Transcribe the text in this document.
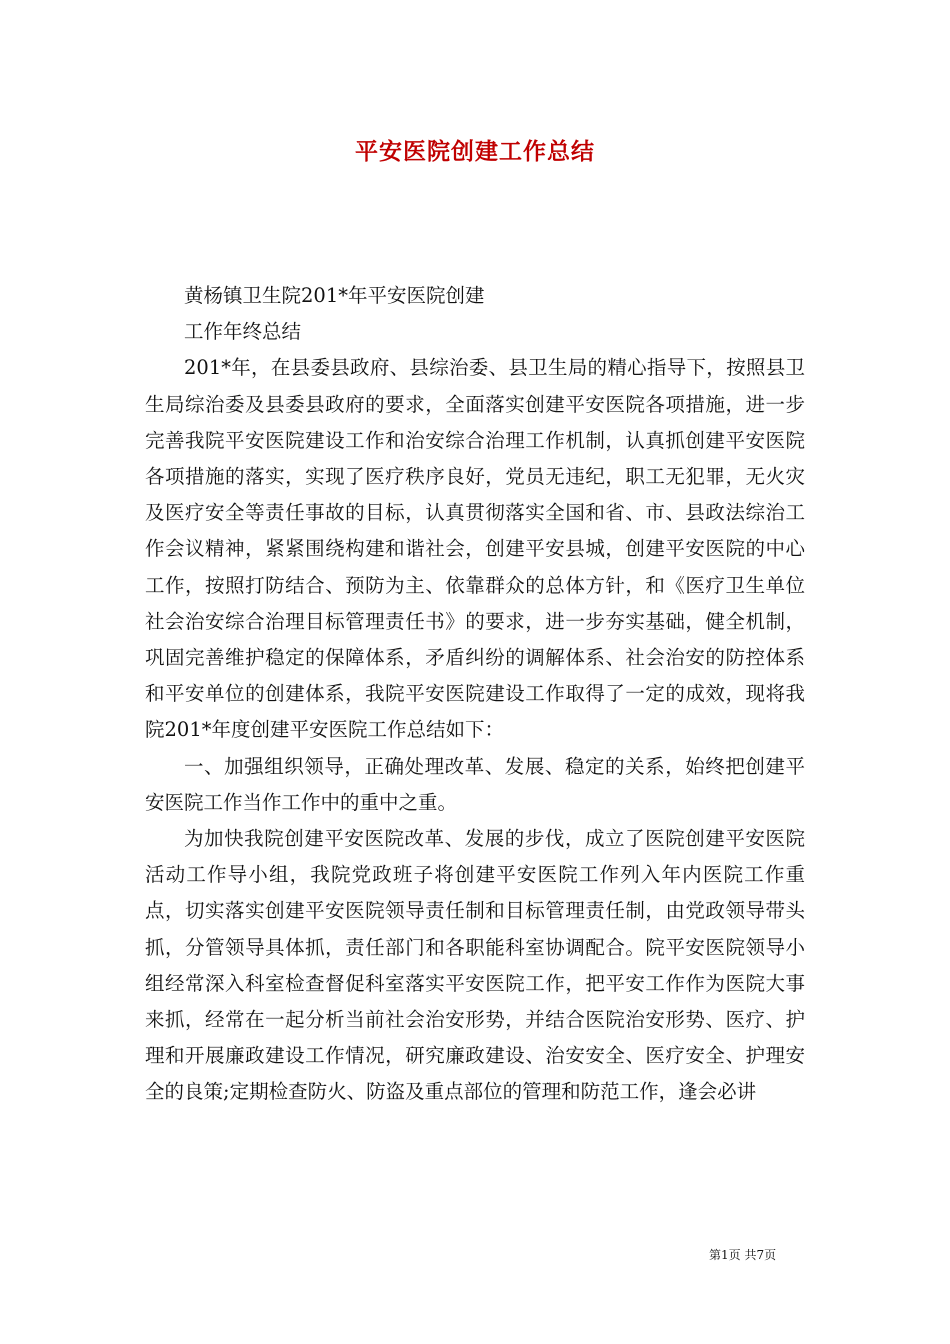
平安医院创建工作总结

黄杨镇卫生院201*年平安医院创建

工作年终总结

201*年，在县委县政府、县综治委、县卫生局的精心指导下，按照县卫生局综治委及县委县政府的要求，全面落实创建平安医院各项措施，进一步完善我院平安医院建设工作和治安综合治理工作机制，认真抓创建平安医院各项措施的落实，实现了医疗秩序良好，党员无违纪，职工无犯罪，无火灾及医疗安全等责任事故的目标，认真贯彻落实全国和省、市、县政法综治工作会议精神，紧紧围绕构建和谐社会，创建平安县城，创建平安医院的中心工作，按照打防结合、预防为主、依靠群众的总体方针，和《医疗卫生单位社会治安综合治理目标管理责任书》的要求，进一步夯实基础，健全机制，巩固完善维护稳定的保障体系，矛盾纠纷的调解体系、社会治安的防控体系和平安单位的创建体系，我院平安医院建设工作取得了一定的成效，现将我院201*年度创建平安医院工作总结如下：

一、加强组织领导，正确处理改革、发展、稳定的关系，始终把创建平安医院工作当作工作中的重中之重。

为加快我院创建平安医院改革、发展的步伐，成立了医院创建平安医院活动工作导小组，我院党政班子将创建平安医院工作列入年内医院工作重点，切实落实创建平安医院领导责任制和目标管理责任制，由党政领导带头抓，分管领导具体抓，责任部门和各职能科室协调配合。院平安医院领导小组经常深入科室检查督促科室落实平安医院工作，把平安工作作为医院大事来抓，经常在一起分析当前社会治安形势，并结合医院治安形势、医疗、护理和开展廉政建设工作情况，研究廉政建设、治安安全、医疗安全、护理安全的良策;定期检查防火、防盗及重点部位的管理和防范工作，逢会必讲

第1页 共7页
